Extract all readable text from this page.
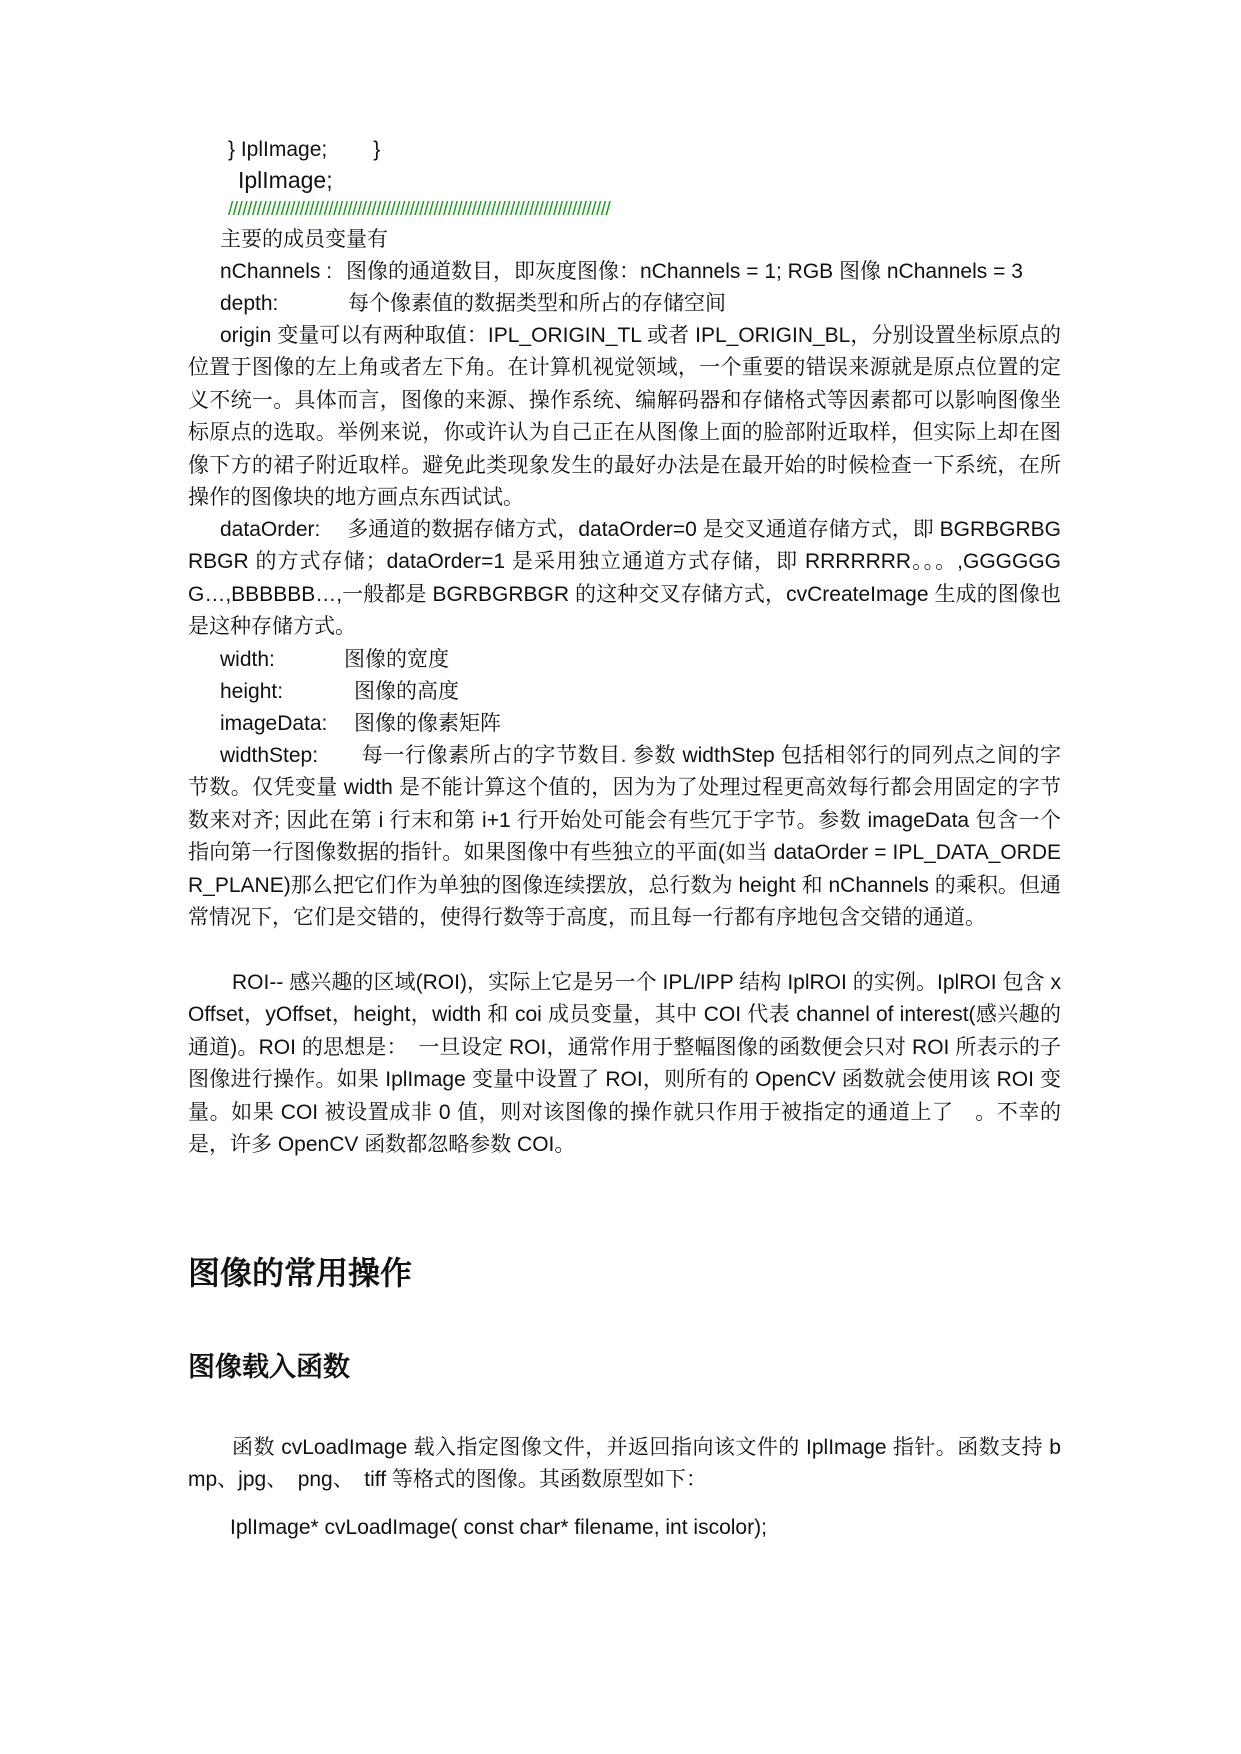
} IplImage; }
IplImage;
////////////////////////////////////////////////////////////////////////////////
主要的成员变量有
nChannels : 图像的通道数目，即灰度图像：nChannels = 1; RGB 图像 nChannels = 3
depth:	每个像素值的数据类型和所占的存储空间
origin 变量可以有两种取值：IPL_ORIGIN_TL 或者 IPL_ORIGIN_BL，分别设置坐标原点的位置于图像的左上角或者左下角。在计算机视觉领域，一个重要的错误来源就是原点位置的定义不统一。具体而言，图像的来源、操作系统、编解码器和存储格式等因素都可以影响图像坐标原点的选取。举例来说，你或许认为自己正在从图像上面的脸部附近取样，但实际上却在图像下方的裙子附近取样。避免此类现象发生的最好办法是在最开始的时候检查一下系统，在所操作的图像块的地方画点东西试试。
dataOrder:　 多通道的数据存储方式，dataOrder=0 是交叉通道存储方式，即 BGRBGRBGRBGR 的方式存储；dataOrder=1 是采用独立通道方式存储，即 RRRRRRR。。。,GGGGGGG…,BBBBBB…,一般都是 BGRBGRBGR 的这种交叉存储方式，cvCreateImage 生成的图像也是这种存储方式。
width:	图像的宽度
height:	图像的高度
imageData: 图像的像素矩阵
widthStep:　　每一行像素所占的字节数目. 参数 widthStep 包括相邻行的同列点之间的字节数。仅凭变量 width 是不能计算这个值的，因为为了处理过程更高效每行都会用固定的字节数来对齐; 因此在第 i 行末和第 i+1 行开始处可能会有些冗于字节。参数 imageData 包含一个指向第一行图像数据的指针。如果图像中有些独立的平面(如当 dataOrder = IPL_DATA_ORDER_PLANE)那么把它们作为单独的图像连续摆放，总行数为 height 和 nChannels 的乘积。但通常情况下，它们是交错的，使得行数等于高度，而且每一行都有序地包含交错的通道。
ROI-- 感兴趣的区域(ROI)，实际上它是另一个 IPL/IPP 结构 IplROI 的实例。IplROI 包含 xOffset，yOffset，height，width 和 coi 成员变量，其中 COI 代表 channel of interest(感兴趣的通道)。ROI 的思想是：　一旦设定 ROI，通常作用于整幅图像的函数便会只对 ROI 所表示的子图像进行操作。如果 IplImage 变量中设置了 ROI，则所有的 OpenCV 函数就会使用该 ROI 变量。如果 COI 被设置成非 0 值，则对该图像的操作就只作用于被指定的通道上了　。不幸的是，许多 OpenCV 函数都忽略参数 COI。
图像的常用操作
图像载入函数
函数 cvLoadImage 载入指定图像文件，并返回指向该文件的 IplImage 指针。函数支持 bmp、jpg、　png、　tiff 等格式的图像。其函数原型如下：
IplImage* cvLoadImage( const char* filename, int iscolor);
